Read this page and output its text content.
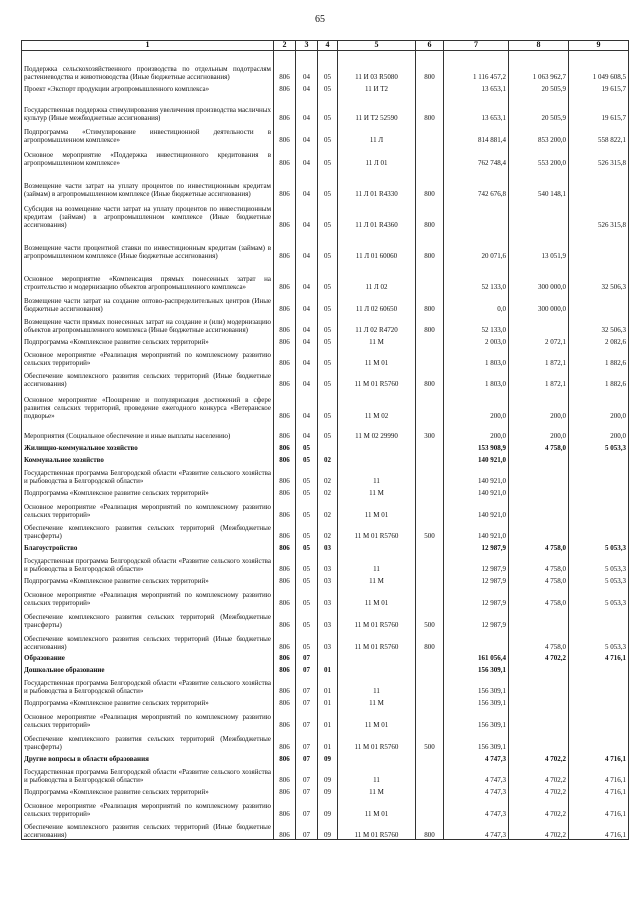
65
1	2	3	4	5	6	7	8	9
Поддержка сельскохозяйственного производства по отдельным подотраслям растениеводства и животноводства (Иные бюджетные ассигнования)	806	04	05	11 И 03 R5080	800	1 116 457,2	1 063 962,7	1 049 608,5
Проект «Экспорт продукции агропромышленного комплекса»	806	04	05	11 И Т2		13 653,1	20 505,9	19 615,7
Государственная поддержка стимулирования увеличения производства масличных культур (Иные межбюджетные ассигнования)	806	04	05	11 И Т2 52590	800	13 653,1	20 505,9	19 615,7
Подпрограмма «Стимулирование инвестиционной деятельности в агропромышленном комплексе»	806	04	05	11 Л		814 881,4	853 200,0	558 822,1
Основное мероприятие «Поддержка инвестиционного кредитования в агропромышленном комплексе»	806	04	05	11 Л 01		762 748,4	553 200,0	526 315,8
Возмещение части затрат на уплату процентов по инвестиционным кредитам (займам) в агропромышленном комплексе (Иные бюджетные ассигнования)	806	04	05	11 Л 01 R4330	800	742 676,8	540 148,1	
Субсидия на возмещение части затрат на уплату процентов по инвестиционным кредитам (займам) в агропромышленном комплексе (Иные бюджетные ассигнования)	806	04	05	11 Л 01 R4360	800			526 315,8
Возмещение части процентной ставки по инвестиционным кредитам (займам) в агропромышленном комплексе (Иные бюджетные ассигнования)	806	04	05	11 Л 01 60060	800	20 071,6	13 051,9	
Основное мероприятие «Компенсация прямых понесенных затрат на строительство и модернизацию объектов агропромышленного комплекса»	806	04	05	11 Л 02		52 133,0	300 000,0	32 506,3
Возмещение части затрат на создание оптово-распределительных центров (Иные бюджетные ассигнования)	806	04	05	11 Л 02 60650	800	0,0	300 000,0	
Возмещение части прямых понесенных затрат на создание и (или) модернизацию объектов агропромышленного комплекса (Иные бюджетные ассигнования)	806	04	05	11 Л 02 R4720	800	52 133,0		32 506,3
Подпрограмма «Комплексное развитие сельских территорий»	806	04	05	11 М		2 003,0	2 072,1	2 082,6
Основное мероприятие «Реализация мероприятий по комплексному развитию сельских территорий»	806	04	05	11 М 01		1 803,0	1 872,1	1 882,6
Обеспечение комплексного развития сельских территорий (Иные бюджетные ассигнования)	806	04	05	11 М 01 R5760	800	1 803,0	1 872,1	1 882,6
Основное мероприятие «Поощрение и популяризация достижений в сфере развития сельских территорий, проведение ежегодного конкурса «Ветеранское подворье»	806	04	05	11 М 02		200,0	200,0	200,0
Мероприятия (Социальное обеспечение и иные выплаты населению)	806	04	05	11 М 02 29990	300	200,0	200,0	200,0
Жилищно-коммунальное хозяйство	806	05				153 908,9	4 758,0	5 053,3
Коммунальное хозяйство	806	05	02			140 921,0		
Государственная программа Белгородской области «Развитие сельского хозяйства и рыбоводства в Белгородской области»	806	05	02	11		140 921,0		
Подпрограмма «Комплексное развитие сельских территорий»	806	05	02	11 М		140 921,0		
Основное мероприятие «Реализация мероприятий по комплексному развитию сельских территорий»	806	05	02	11 М 01		140 921,0		
Обеспечение комплексного развития сельских территорий (Межбюджетные трансферты)	806	05	02	11 М 01 R5760	500	140 921,0		
Благоустройство	806	05	03			12 987,9	4 758,0	5 053,3
Государственная программа Белгородской области «Развитие сельского хозяйства и рыбоводства в Белгородской области»	806	05	03	11		12 987,9	4 758,0	5 053,3
Подпрограмма «Комплексное развитие сельских территорий»	806	05	03	11 М		12 987,9	4 758,0	5 053,3
Основное мероприятие «Реализация мероприятий по комплексному развитию сельских территорий»	806	05	03	11 М 01		12 987,9	4 758,0	5 053,3
Обеспечение комплексного развития сельских территорий (Межбюджетные трансферты)	806	05	03	11 М 01 R5760	500	12 987,9		
Обеспечение комплексного развития сельских территорий (Иные бюджетные ассигнования)	806	05	03	11 М 01 R5760	800		4 758,0	5 053,3
Образование	806	07				161 056,4	4 702,2	4 716,1
Дошкольное образование	806	07	01			156 309,1		
Государственная программа Белгородской области «Развитие сельского хозяйства и рыбоводства в Белгородской области»	806	07	01	11		156 309,1		
Подпрограмма «Комплексное развитие сельских территорий»	806	07	01	11 М		156 309,1		
Основное мероприятие «Реализация мероприятий по комплексному развитию сельских территорий»	806	07	01	11 М 01		156 309,1		
Обеспечение комплексного развития сельских территорий (Межбюджетные трансферты)	806	07	01	11 М 01 R5760	500	156 309,1		
Другие вопросы в области образования	806	07	09			4 747,3	4 702,2	4 716,1
Государственная программа Белгородской области «Развитие сельского хозяйства и рыбоводства в Белгородской области»	806	07	09	11		4 747,3	4 702,2	4 716,1
Подпрограмма «Комплексное развитие сельских территорий»	806	07	09	11 М		4 747,3	4 702,2	4 716,1
Основное мероприятие «Реализация мероприятий по комплексному развитию сельских территорий»	806	07	09	11 М 01		4 747,3	4 702,2	4 716,1
Обеспечение комплексного развития сельских территорий (Иные бюджетные ассигнования)	806	07	09	11 М 01 R5760	800	4 747,3	4 702,2	4 716,1
